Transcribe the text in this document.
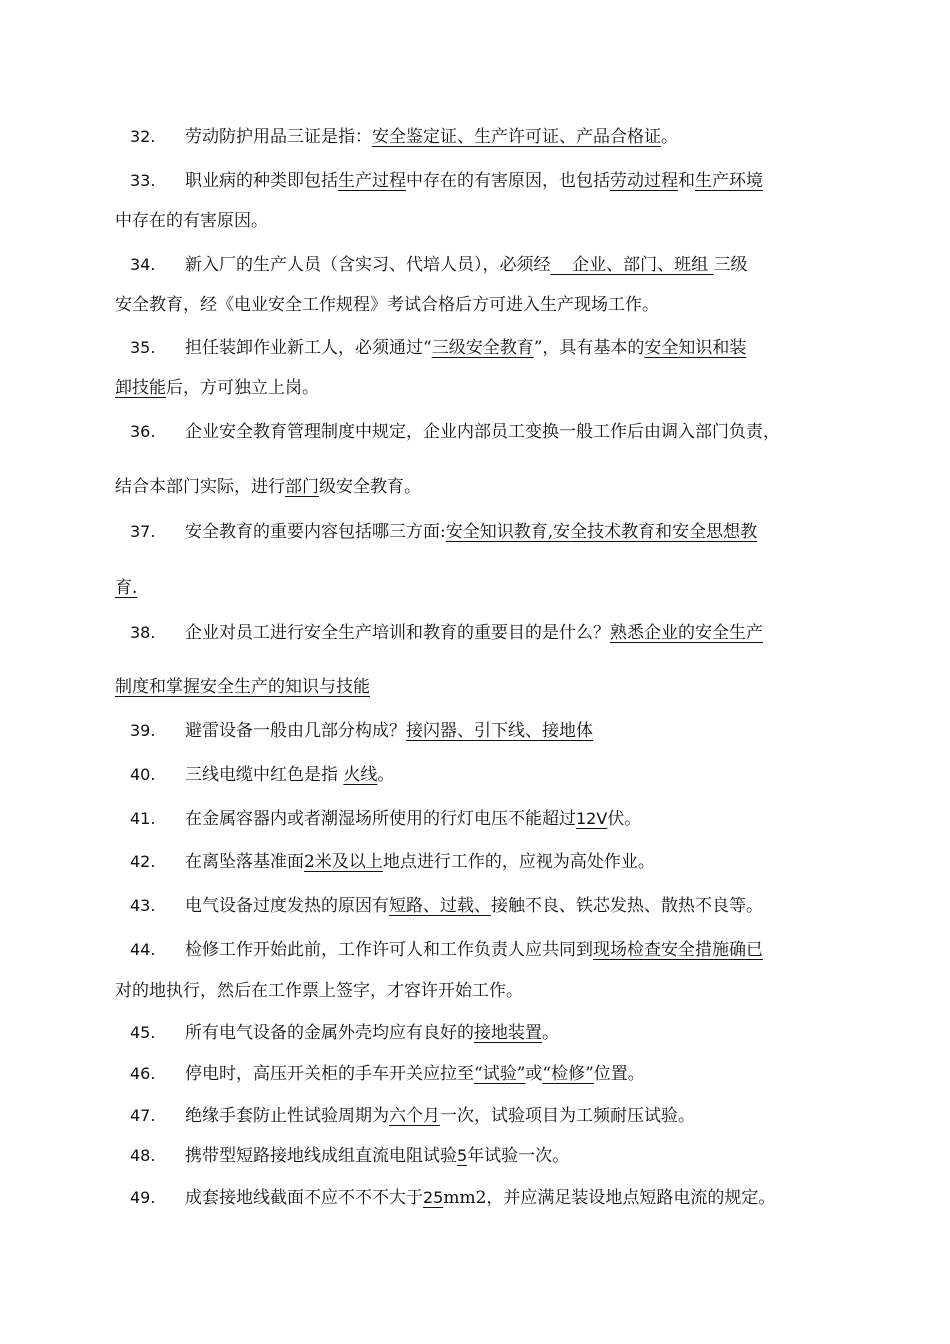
32. 劳动防护用品三证是指：安全鉴定证、生产许可证、产品合格证。
33. 职业病的种类即包括生产过程中存在的有害原因，也包括劳动过程和生产环境
中存在的有害原因。
34. 新入厂的生产人员（含实习、代培人员），必须经    企业、部门、班组 三级
安全教育，经《电业安全工作规程》考试合格后方可进入生产现场工作。
35. 担任装卸作业新工人，必须通过“三级安全教育”，具有基本的安全知识和装
卸技能后，方可独立上岗。
36. 企业安全教育管理制度中规定，企业内部员工变换一般工作后由调入部门负责，
结合本部门实际，进行部门级安全教育。
37. 安全教育的重要内容包括哪三方面:安全知识教育,安全技术教育和安全思想教
育.
38. 企业对员工进行安全生产培训和教育的重要目的是什么？熟悉企业的安全生产
制度和掌握安全生产的知识与技能
39. 避雷设备一般由几部分构成？接闪器、引下线、接地体
40. 三线电缆中红色是指 火线。
41. 在金属容器内或者潮湿场所使用的行灯电压不能超过12V伏。
42. 在离坠落基准面2米及以上地点进行工作的，应视为高处作业。
43. 电气设备过度发热的原因有短路、过载、接触不良、铁芯发热、散热不良等。
44. 检修工作开始此前，工作许可人和工作负责人应共同到现场检查安全措施确已
对的地执行，然后在工作票上签字，才容许开始工作。
45. 所有电气设备的金属外壳均应有良好的接地装置。
46. 停电时，高压开关柜的手车开关应拉至“试验”或“检修”位置。
47. 绝缘手套防止性试验周期为六个月一次，试验项目为工频耐压试验。
48. 携带型短路接地线成组直流电阻试验5年试验一次。
49. 成套接地线截面不应不不不大于25mm2，并应满足装设地点短路电流的规定。
